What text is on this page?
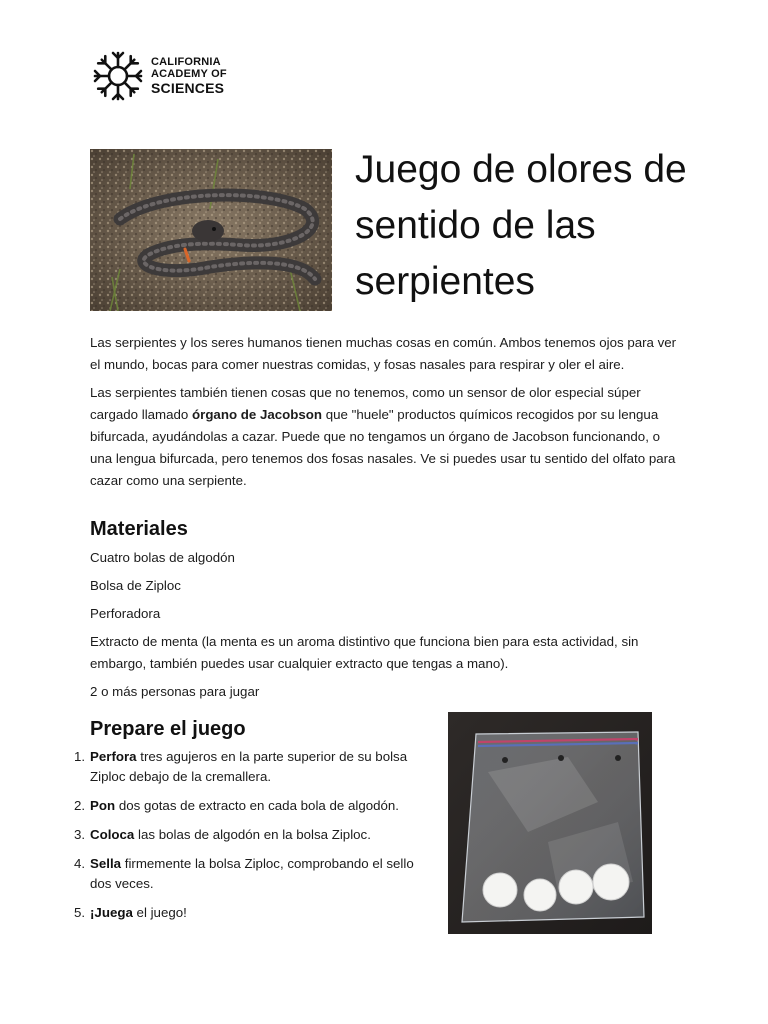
CALIFORNIA
ACADEMY OF
SCIENCES
Juego de olores de sentido de las serpientes

Las serpientes y los seres humanos tienen muchas cosas en común. Ambos tenemos ojos para ver el mundo, bocas para comer nuestras comidas, y fosas nasales para respirar y oler el aire.

Las serpientes también tienen cosas que no tenemos, como un sensor de olor especial súper cargado llamado órgano de Jacobson que "huele" productos químicos recogidos por su lengua bifurcada, ayudándolas a cazar. Puede que no tengamos un órgano de Jacobson funcionando, o una lengua bifurcada, pero tenemos dos fosas nasales. Ve si puedes usar tu sentido del olfato para cazar como una serpiente.

Materiales
Cuatro bolas de algodón
Bolsa de Ziploc
Perforadora
Extracto de menta (la menta es un aroma distintivo que funciona bien para esta actividad, sin embargo, también puedes usar cualquier extracto que tengas a mano).
2 o más personas para jugar
Prepare el juego
1. Perfora tres agujeros en la parte superior de su bolsa Ziploc debajo de la cremallera.
2. Pon dos gotas de extracto en cada bola de algodón.
3. Coloca las bolas de algodón en la bolsa Ziploc.
4. Sella firmemente la bolsa Ziploc, comprobando el sello dos veces.
5. ¡Juega el juego!
